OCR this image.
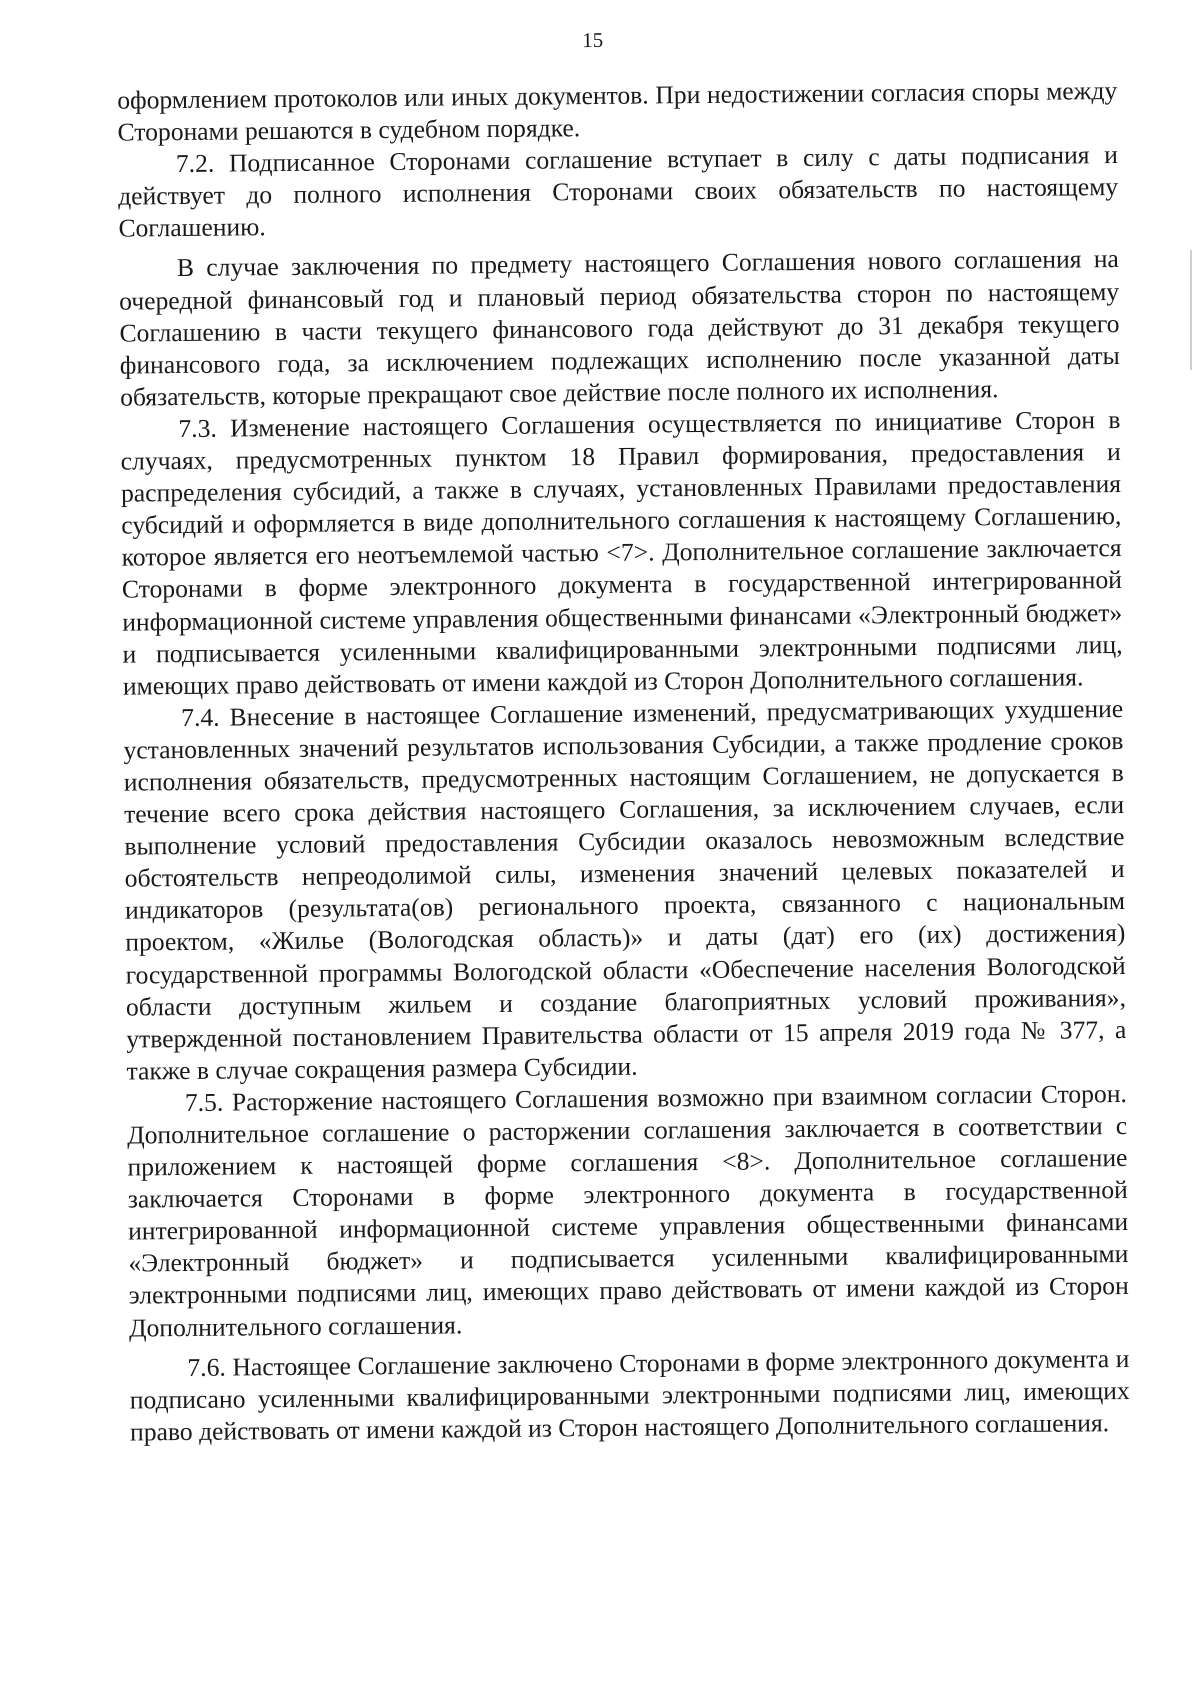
15

оформлением протоколов или иных документов. При недостижении согласия споры между Сторонами решаются в судебном порядке.

7.2. Подписанное Сторонами соглашение вступает в силу с даты подписания и действует до полного исполнения Сторонами своих обязательств по настоящему Соглашению.

В случае заключения по предмету настоящего Соглашения нового соглашения на очередной финансовый год и плановый период обязательства сторон по настоящему Соглашению в части текущего финансового года действуют до 31 декабря текущего финансового года, за исключением подлежащих исполнению после указанной даты обязательств, которые прекращают свое действие после полного их исполнения.

7.3. Изменение настоящего Соглашения осуществляется по инициативе Сторон в случаях, предусмотренных пунктом 18 Правил формирования, предоставления и распределения субсидий, а также в случаях, установленных Правилами предоставления субсидий и оформляется в виде дополнительного соглашения к настоящему Соглашению, которое является его неотъемлемой частью <7>. Дополнительное соглашение заключается Сторонами в форме электронного документа в государственной интегрированной информационной системе управления общественными финансами «Электронный бюджет» и подписывается усиленными квалифицированными электронными подписями лиц, имеющих право действовать от имени каждой из Сторон Дополнительного соглашения.

7.4. Внесение в настоящее Соглашение изменений, предусматривающих ухудшение установленных значений результатов использования Субсидии, а также продление сроков исполнения обязательств, предусмотренных настоящим Соглашением, не допускается в течение всего срока действия настоящего Соглашения, за исключением случаев, если выполнение условий предоставления Субсидии оказалось невозможным вследствие обстоятельств непреодолимой силы, изменения значений целевых показателей и индикаторов (результата(ов) регионального проекта, связанного с национальным проектом, «Жилье (Вологодская область)» и даты (дат) его (их) достижения) государственной программы Вологодской области «Обеспечение населения Вологодской области доступным жильем и создание благоприятных условий проживания», утвержденной постановлением Правительства области от 15 апреля 2019 года № 377, а также в случае сокращения размера Субсидии.

7.5. Расторжение настоящего Соглашения возможно при взаимном согласии Сторон. Дополнительное соглашение о расторжении соглашения заключается в соответствии с приложением к настоящей форме соглашения <8>. Дополнительное соглашение заключается Сторонами в форме электронного документа в государственной интегрированной информационной системе управления общественными финансами «Электронный бюджет» и подписывается усиленными квалифицированными электронными подписями лиц, имеющих право действовать от имени каждой из Сторон Дополнительного соглашения.

7.6. Настоящее Соглашение заключено Сторонами в форме электронного документа и подписано усиленными квалифицированными электронными подписями лиц, имеющих право действовать от имени каждой из Сторон настоящего Дополнительного соглашения.
